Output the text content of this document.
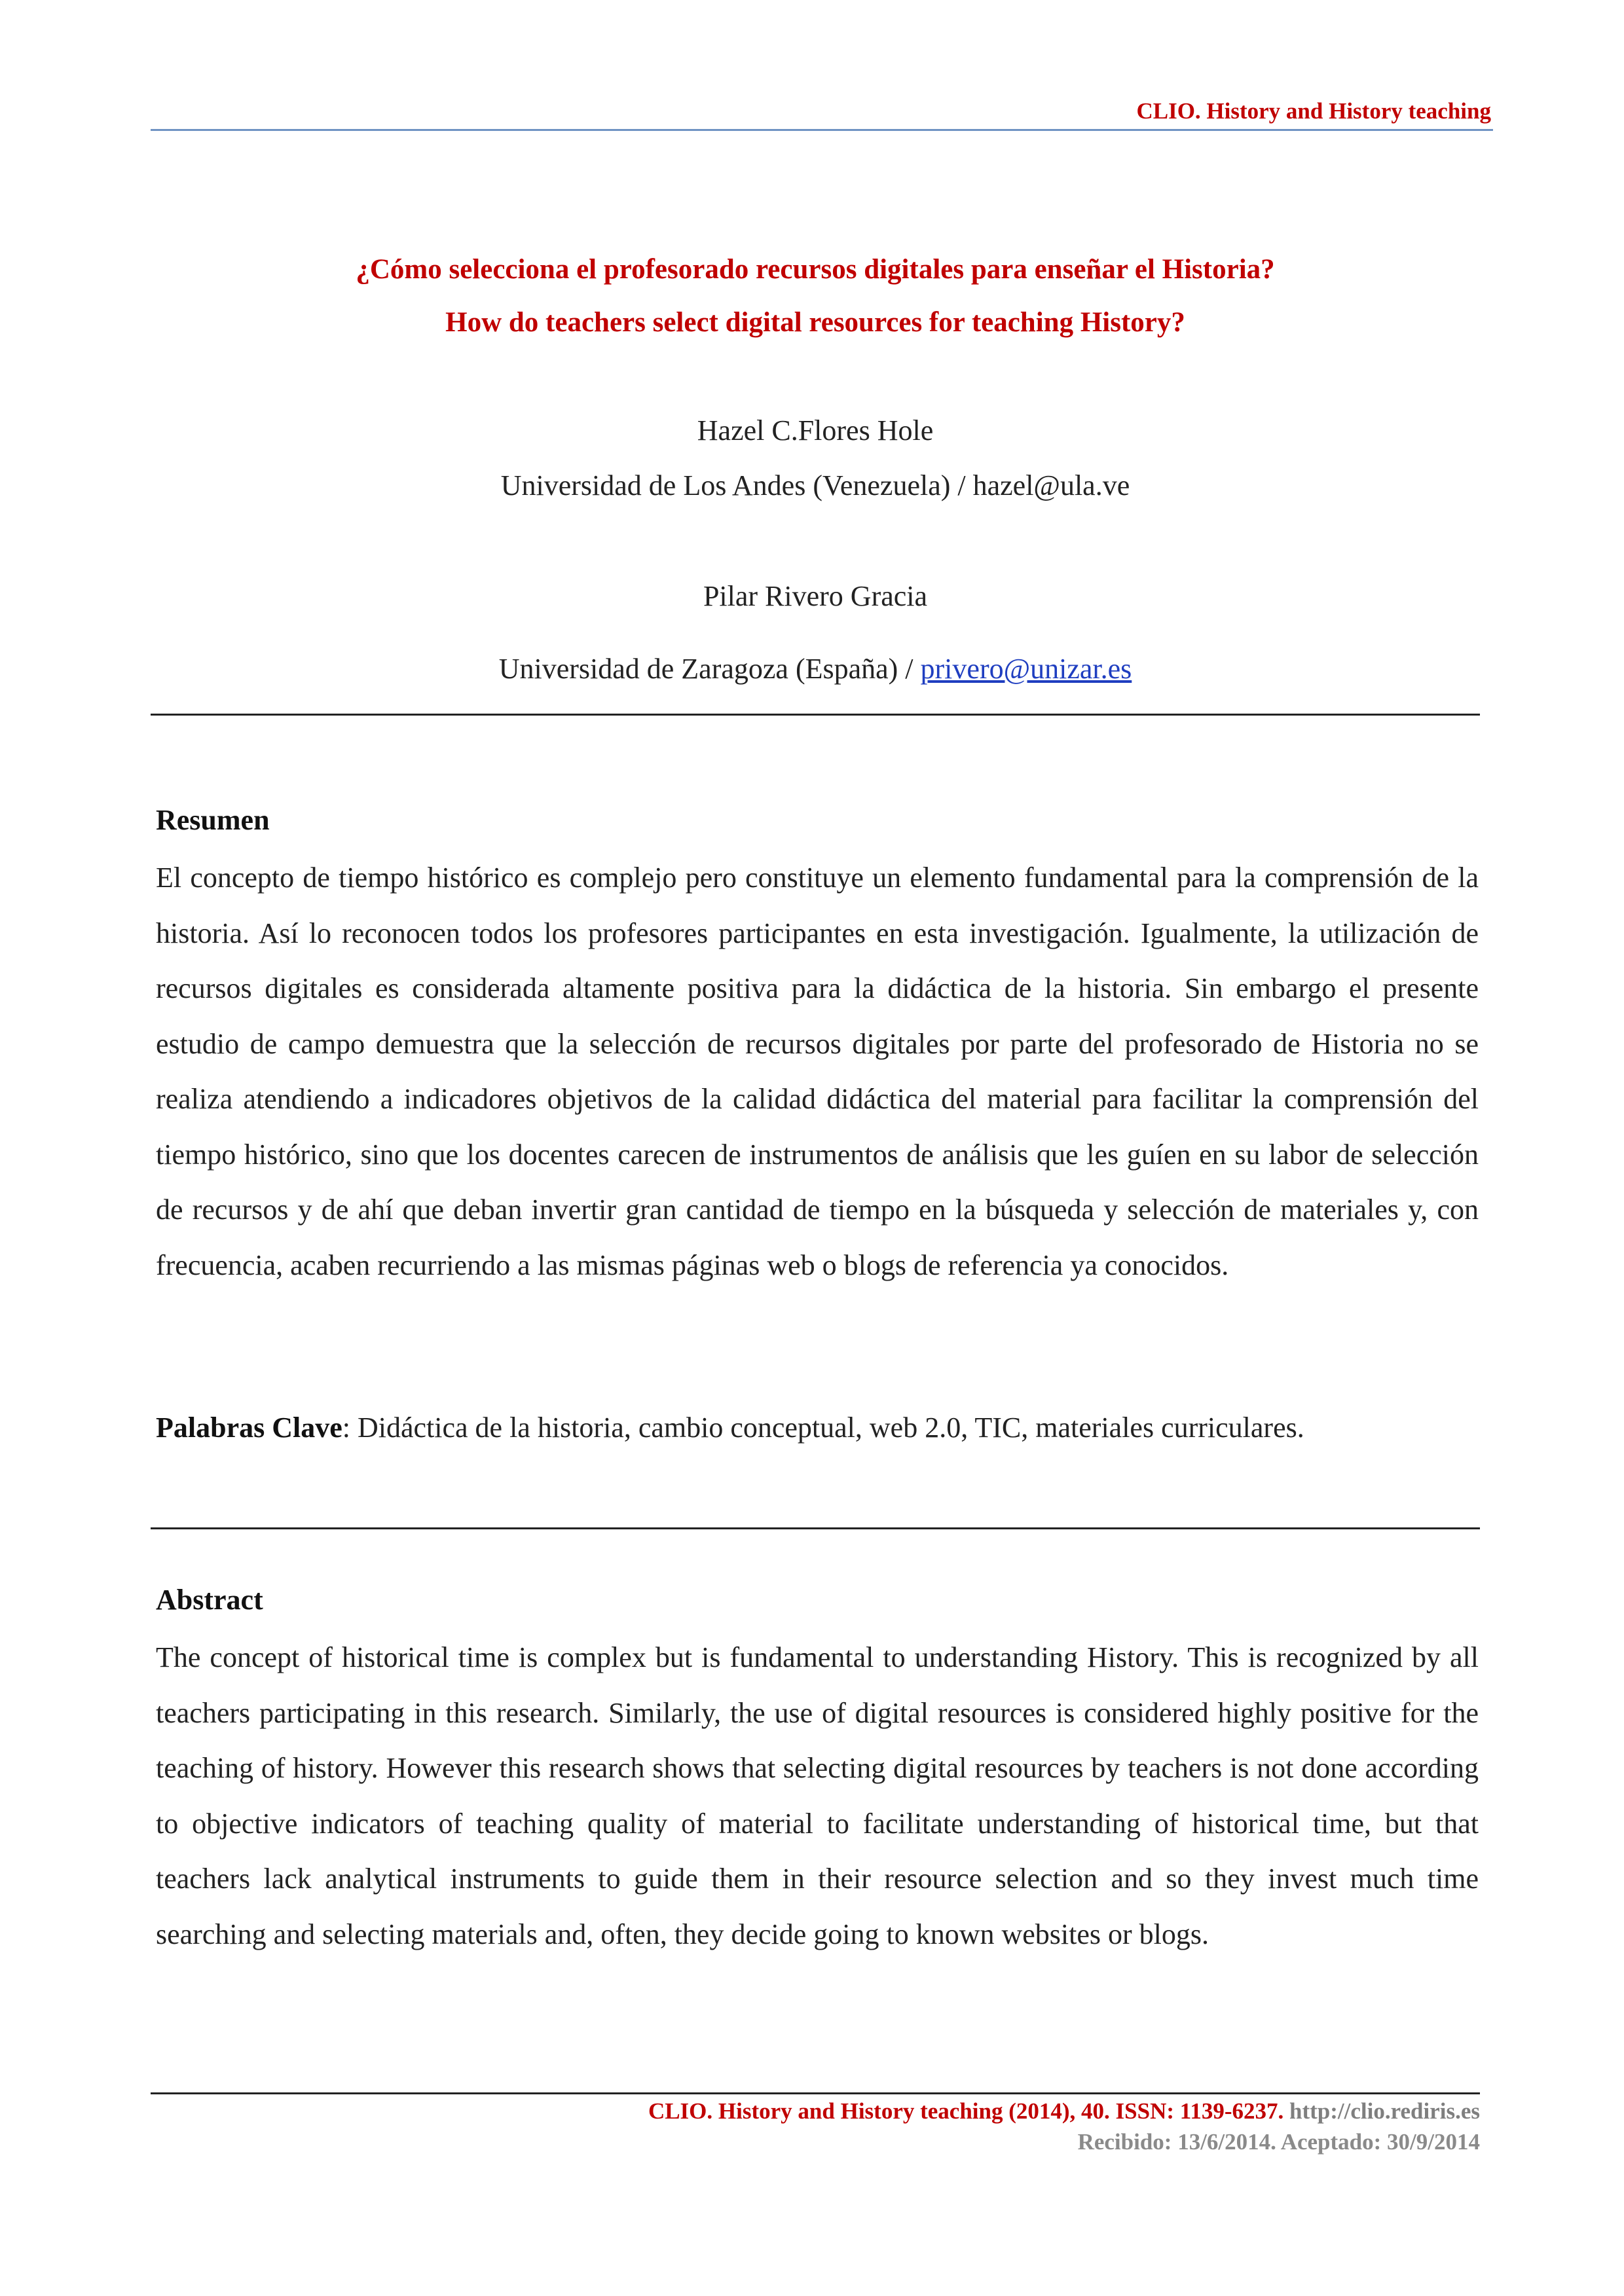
CLIO. History and History teaching

¿Cómo selecciona el profesorado recursos digitales para enseñar el Historia?
How do teachers select digital resources for teaching History?

Hazel C.Flores Hole

Universidad de Los Andes (Venezuela) / hazel@ula.ve

Pilar Rivero Gracia

Universidad de Zaragoza (España) / privero@unizar.es

Resumen

El concepto de tiempo histórico es complejo pero constituye un elemento fundamental para la comprensión de la historia. Así lo reconocen todos los profesores participantes en esta investigación. Igualmente, la utilización de recursos digitales es considerada altamente positiva para la didáctica de la historia. Sin embargo el presente estudio de campo demuestra que la selección de recursos digitales por parte del profesorado de Historia no se realiza atendiendo a indicadores objetivos de la calidad didáctica del material para facilitar la comprensión del tiempo histórico, sino que los docentes carecen de instrumentos de análisis que les guíen en su labor de selección de recursos y de ahí que deban invertir gran cantidad de tiempo en la búsqueda y selección de materiales y, con frecuencia, acaben recurriendo a las mismas páginas web o blogs de referencia ya conocidos.

Palabras Clave: Didáctica de la historia, cambio conceptual, web 2.0, TIC, materiales curriculares.

Abstract

The concept of historical time is complex but is fundamental to understanding History. This is recognized by all teachers participating in this research. Similarly, the use of digital resources is considered highly positive for the teaching of history. However this research shows that selecting digital resources by teachers is not done according to objective indicators of teaching quality of material to facilitate understanding of historical time, but that teachers lack analytical instruments to guide them in their resource selection and so they invest much time searching and selecting materials and, often, they decide going to known websites or blogs.

CLIO. History and History teaching (2014), 40. ISSN: 1139-6237. http://clio.rediris.es

Recibido: 13/6/2014. Aceptado: 30/9/2014
